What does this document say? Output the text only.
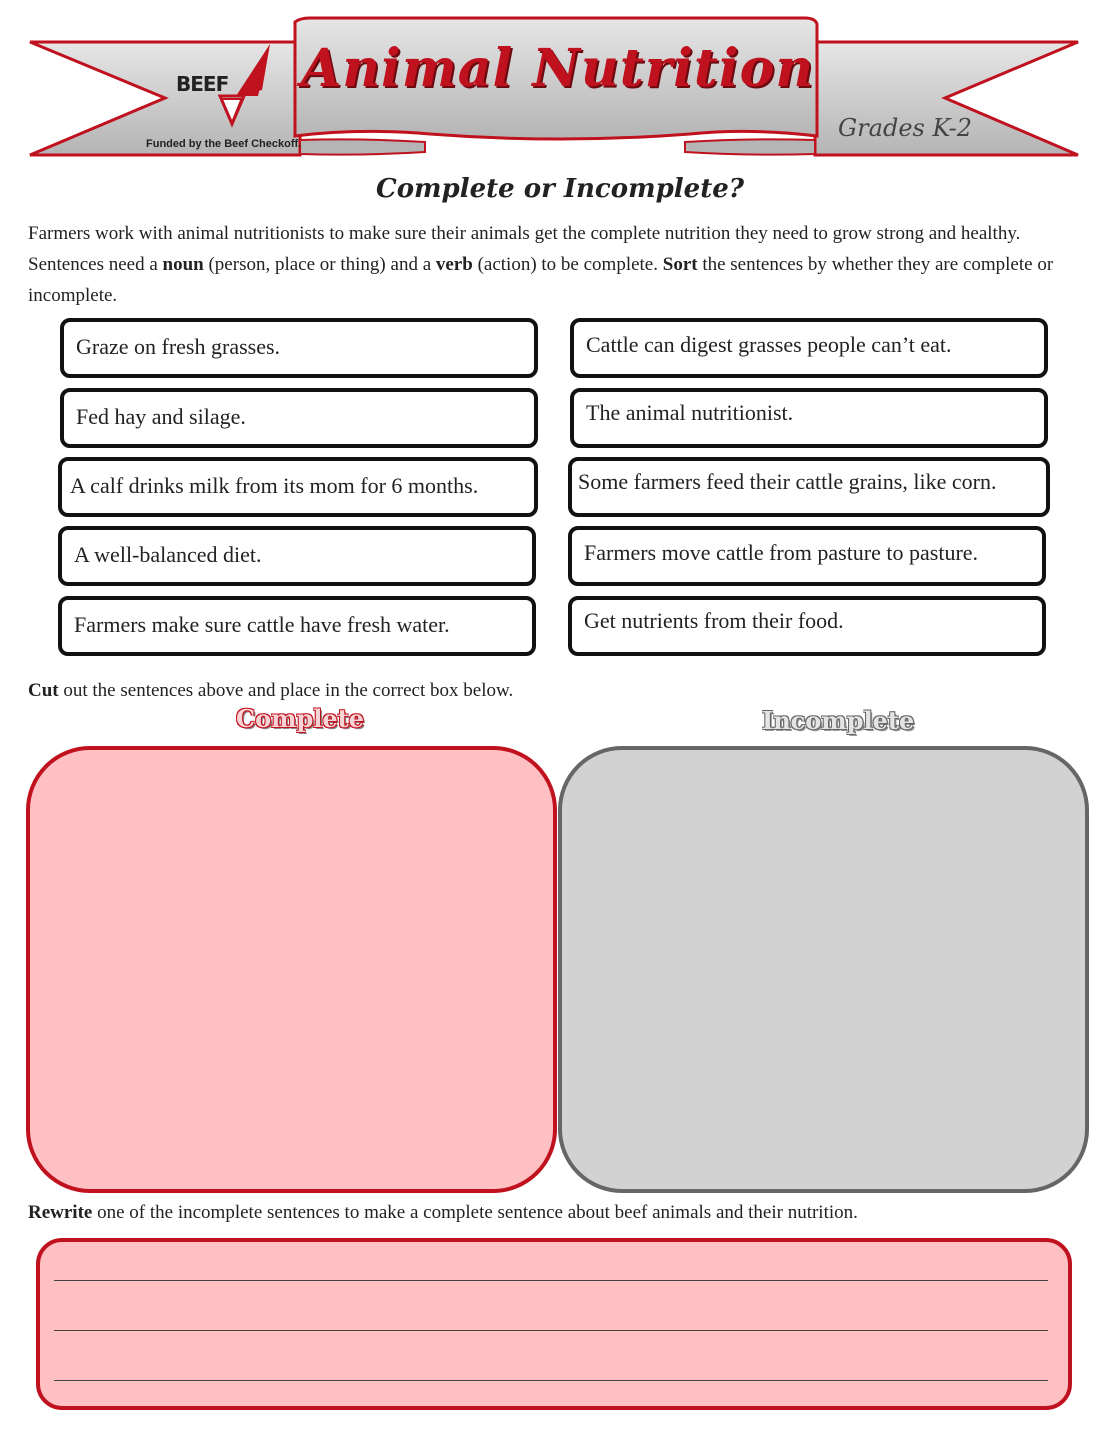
BEEF
Funded by the Beef Checkoff.
Animal Nutrition
Grades K-2
Complete or Incomplete?
Farmers work with animal nutritionists to make sure their animals get the complete nutrition they need to grow strong and healthy. Sentences need a noun (person, place or thing) and a verb (action) to be complete. Sort the sentences by whether they are complete or incomplete.
Graze on fresh grasses.
Fed hay and silage.
A calf drinks milk from its mom for 6 months.
A well-balanced diet.
Farmers make sure cattle have fresh water.
Cattle can digest grasses people can’t eat.
The animal nutritionist.
Some farmers feed their cattle grains, like corn.
Farmers move cattle from pasture to pasture.
Get nutrients from their food.
Cut out the sentences above and place in the correct box below.
Complete	Incomplete
Rewrite one of the incomplete sentences to make a complete sentence about beef animals and their nutrition.
